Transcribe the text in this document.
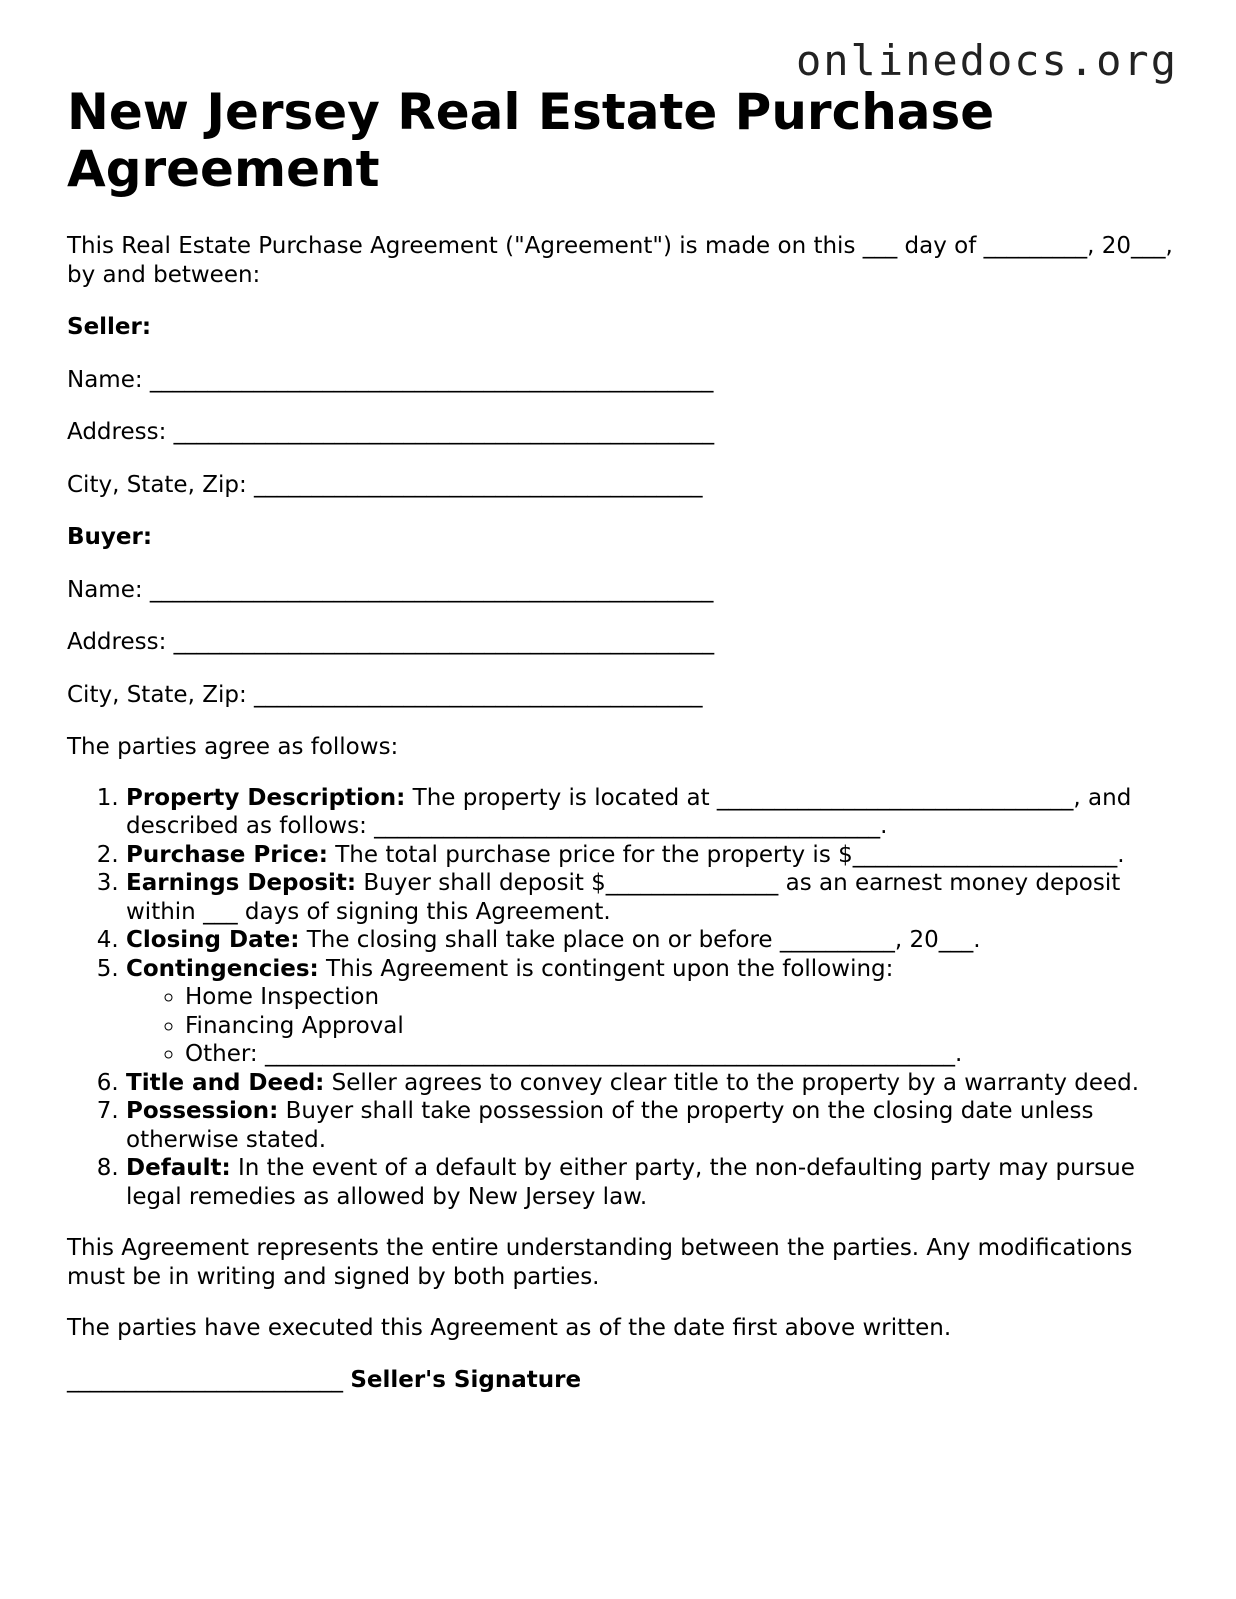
onlinedocs.org
New Jersey Real Estate Purchase Agreement

This Real Estate Purchase Agreement ("Agreement") is made on this ___ day of _________, 20___, by and between:

Seller:

Name: _________________________________________________

Address: _______________________________________________

City, State, Zip: _______________________________________

Buyer:

Name: _________________________________________________

Address: _______________________________________________

City, State, Zip: _______________________________________

The parties agree as follows:

1. Property Description: The property is located at _______________________________, and described as follows: ____________________________________________.
2. Purchase Price: The total purchase price for the property is $_______________________.
3. Earnings Deposit: Buyer shall deposit $_______________ as an earnest money deposit within ___ days of signing this Agreement.
4. Closing Date: The closing shall take place on or before __________, 20___.
5. Contingencies: This Agreement is contingent upon the following:
◦ Home Inspection
◦ Financing Approval
◦ Other: ____________________________________________________________.
6. Title and Deed: Seller agrees to convey clear title to the property by a warranty deed.
7. Possession: Buyer shall take possession of the property on the closing date unless otherwise stated.
8. Default: In the event of a default by either party, the non-defaulting party may pursue legal remedies as allowed by New Jersey law.

This Agreement represents the entire understanding between the parties. Any modifications must be in writing and signed by both parties.

The parties have executed this Agreement as of the date first above written.

________________________ Seller's Signature
